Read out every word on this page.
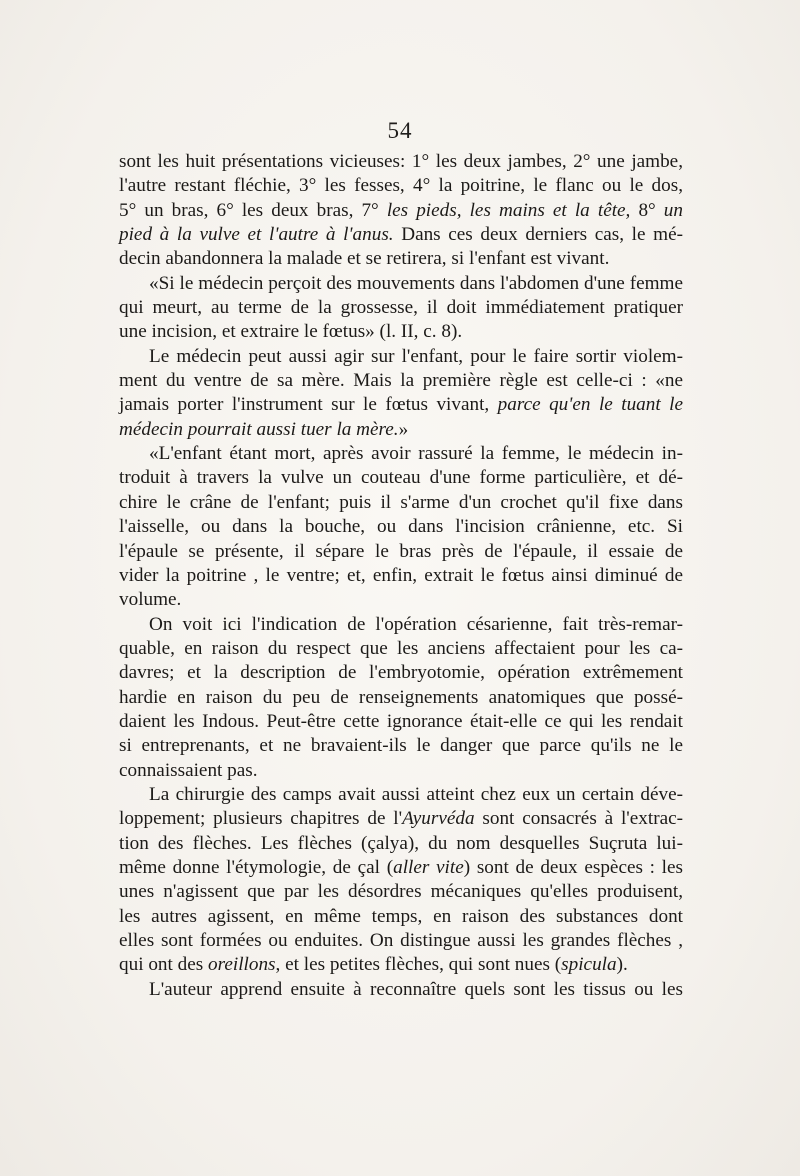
54
sont les huit présentations vicieuses: 1° les deux jambes, 2° une jambe,
l'autre restant fléchie, 3° les fesses, 4° la poitrine, le flanc ou le dos,
5° un bras, 6° les deux bras, 7° les pieds, les mains et la tête, 8° un
pied à la vulve et l'autre à l'anus. Dans ces deux derniers cas, le mé-
decin abandonnera la malade et se retirera, si l'enfant est vivant.
«Si le médecin perçoit des mouvements dans l'abdomen d'une femme
qui meurt, au terme de la grossesse, il doit immédiatement pratiquer
une incision, et extraire le fœtus» (l. II, c. 8).
Le médecin peut aussi agir sur l'enfant, pour le faire sortir violem-
ment du ventre de sa mère. Mais la première règle est celle-ci : «ne
jamais porter l'instrument sur le fœtus vivant, parce qu'en le tuant le
médecin pourrait aussi tuer la mère.»
«L'enfant étant mort, après avoir rassuré la femme, le médecin in-
troduit à travers la vulve un couteau d'une forme particulière, et dé-
chire le crâne de l'enfant; puis il s'arme d'un crochet qu'il fixe dans
l'aisselle, ou dans la bouche, ou dans l'incision crânienne, etc. Si
l'épaule se présente, il sépare le bras près de l'épaule, il essaie de
vider la poitrine , le ventre; et, enfin, extrait le fœtus ainsi diminué de
volume.
On voit ici l'indication de l'opération césarienne, fait très-remar-
quable, en raison du respect que les anciens affectaient pour les ca-
davres; et la description de l'embryotomie, opération extrêmement
hardie en raison du peu de renseignements anatomiques que possé-
daient les Indous. Peut-être cette ignorance était-elle ce qui les rendait
si entreprenants, et ne bravaient-ils le danger que parce qu'ils ne le
connaissaient pas.
La chirurgie des camps avait aussi atteint chez eux un certain déve-
loppement; plusieurs chapitres de l'Ayurvéda sont consacrés à l'extrac-
tion des flèches. Les flèches (çalya), du nom desquelles Suçruta lui-
même donne l'étymologie, de çal (aller vite) sont de deux espèces : les
unes n'agissent que par les désordres mécaniques qu'elles produisent,
les autres agissent, en même temps, en raison des substances dont
elles sont formées ou enduites. On distingue aussi les grandes flèches ,
qui ont des oreillons, et les petites flèches, qui sont nues (spicula).
L'auteur apprend ensuite à reconnaître quels sont les tissus ou les
